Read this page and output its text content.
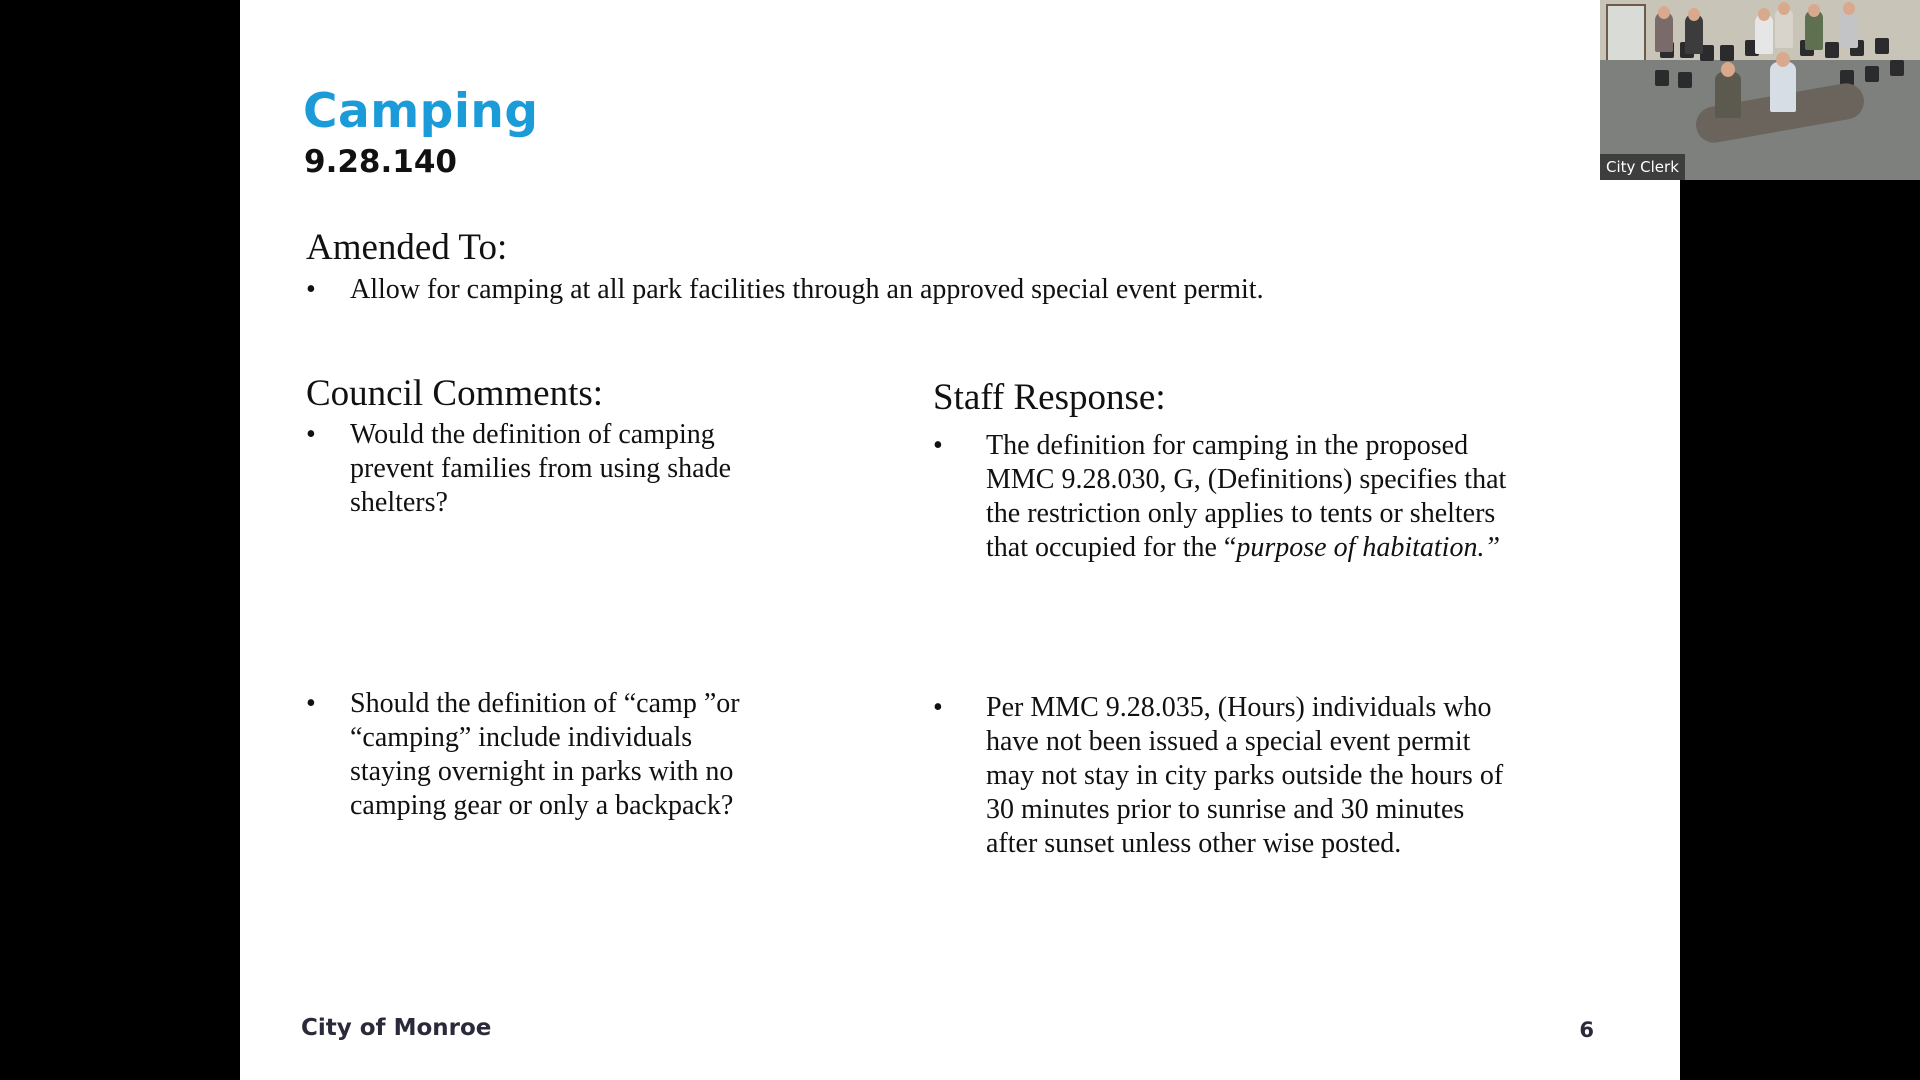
Camping
9.28.140
Amended To:
• Allow for camping at all park facilities through an approved special event permit.
Council Comments:
• Would the definition of camping
prevent families from using shade
shelters?
• Should the definition of “camp ”or
“camping” include individuals
staying overnight in parks with no
camping gear or only a backpack?
Staff Response:
• The definition for camping in the proposed
MMC 9.28.030, G, (Definitions) specifies that
the restriction only applies to tents or shelters
that occupied for the “purpose of habitation.”
• Per MMC 9.28.035, (Hours) individuals who
have not been issued a special event permit
may not stay in city parks outside the hours of
30 minutes prior to sunrise and 30 minutes
after sunset unless other wise posted.
City of Monroe	6
City Clerk
